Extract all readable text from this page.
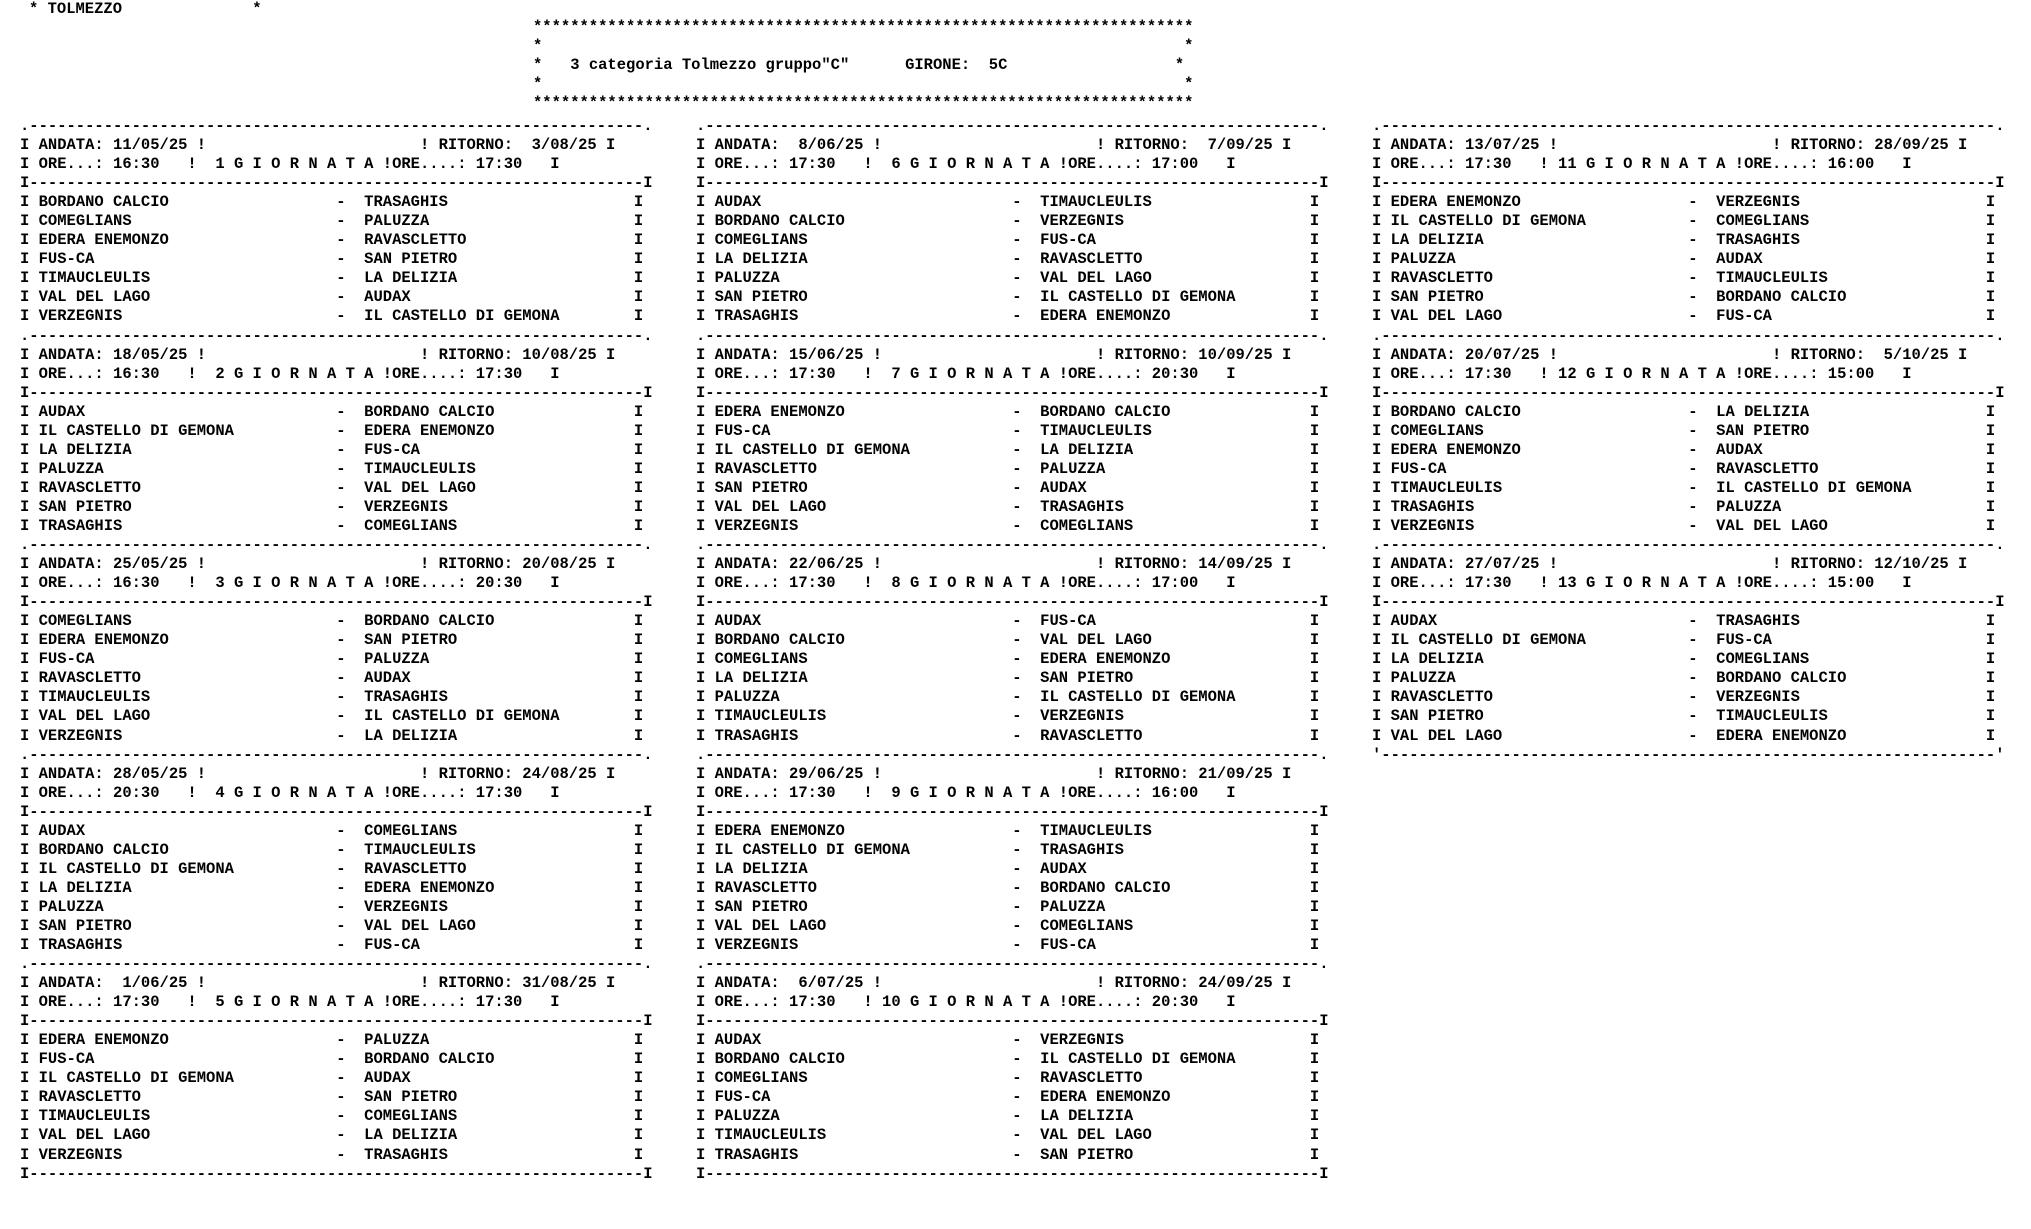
* TOLMEZZO              *
***********************************************************************
*                                                                     *
*   3 categoria Tolmezzo gruppo"C"      GIRONE:  5C                  *
*                                                                     *

***********************************************************************
.------------------------------------------------------------------.
I ANDATA: 11/05/25 !                       ! RITORNO:  3/08/25 I
I ORE...: 16:30   !  1 G I O R N A T A !ORE....: 17:30   I
I------------------------------------------------------------------I
I BORDANO CALCIO                  -  TRASAGHIS                    I
I COMEGLIANS                      -  PALUZZA                      I
I EDERA ENEMONZO                  -  RAVASCLETTO                  I
I FUS-CA                          -  SAN PIETRO                   I
I TIMAUCLEULIS                    -  LA DELIZIA                   I
I VAL DEL LAGO                    -  AUDAX                        I
I VERZEGNIS                       -  IL CASTELLO DI GEMONA        I
.------------------------------------------------------------------.
I ANDATA: 18/05/25 !                       ! RITORNO: 10/08/25 I
I ORE...: 16:30   !  2 G I O R N A T A !ORE....: 17:30   I
I------------------------------------------------------------------I
I AUDAX                           -  BORDANO CALCIO               I
I IL CASTELLO DI GEMONA           -  EDERA ENEMONZO               I
I LA DELIZIA                      -  FUS-CA                       I
I PALUZZA                         -  TIMAUCLEULIS                 I
I RAVASCLETTO                     -  VAL DEL LAGO                 I
I SAN PIETRO                      -  VERZEGNIS                    I
I TRASAGHIS                       -  COMEGLIANS                   I
.------------------------------------------------------------------.
I ANDATA: 25/05/25 !                       ! RITORNO: 20/08/25 I
I ORE...: 16:30   !  3 G I O R N A T A !ORE....: 20:30   I
I------------------------------------------------------------------I
I COMEGLIANS                      -  BORDANO CALCIO               I
I EDERA ENEMONZO                  -  SAN PIETRO                   I
I FUS-CA                          -  PALUZZA                      I
I RAVASCLETTO                     -  AUDAX                        I
I TIMAUCLEULIS                    -  TRASAGHIS                    I
I VAL DEL LAGO                    -  IL CASTELLO DI GEMONA        I
I VERZEGNIS                       -  LA DELIZIA                   I
.------------------------------------------------------------------.
I ANDATA: 28/05/25 !                       ! RITORNO: 24/08/25 I
I ORE...: 20:30   !  4 G I O R N A T A !ORE....: 17:30   I
I------------------------------------------------------------------I
I AUDAX                           -  COMEGLIANS                   I
I BORDANO CALCIO                  -  TIMAUCLEULIS                 I
I IL CASTELLO DI GEMONA           -  RAVASCLETTO                  I
I LA DELIZIA                      -  EDERA ENEMONZO               I
I PALUZZA                         -  VERZEGNIS                    I
I SAN PIETRO                      -  VAL DEL LAGO                 I
I TRASAGHIS                       -  FUS-CA                       I
.------------------------------------------------------------------.
I ANDATA:  1/06/25 !                       ! RITORNO: 31/08/25 I
I ORE...: 17:30   !  5 G I O R N A T A !ORE....: 17:30   I
I------------------------------------------------------------------I
I EDERA ENEMONZO                  -  PALUZZA                      I
I FUS-CA                          -  BORDANO CALCIO               I
I IL CASTELLO DI GEMONA           -  AUDAX                        I
I RAVASCLETTO                     -  SAN PIETRO                   I
I TIMAUCLEULIS                    -  COMEGLIANS                   I
I VAL DEL LAGO                    -  LA DELIZIA                   I
I VERZEGNIS                       -  TRASAGHIS                    I
I------------------------------------------------------------------I
.------------------------------------------------------------------.
I ANDATA:  8/06/25 !                       ! RITORNO:  7/09/25 I
I ORE...: 17:30   !  6 G I O R N A T A !ORE....: 17:00   I
I------------------------------------------------------------------I
I AUDAX                           -  TIMAUCLEULIS                 I
I BORDANO CALCIO                  -  VERZEGNIS                    I
I COMEGLIANS                      -  FUS-CA                       I
I LA DELIZIA                      -  RAVASCLETTO                  I
I PALUZZA                         -  VAL DEL LAGO                 I
I SAN PIETRO                      -  IL CASTELLO DI GEMONA        I
I TRASAGHIS                       -  EDERA ENEMONZO               I
.------------------------------------------------------------------.
I ANDATA: 15/06/25 !                       ! RITORNO: 10/09/25 I
I ORE...: 17:30   !  7 G I O R N A T A !ORE....: 20:30   I
I------------------------------------------------------------------I
I EDERA ENEMONZO                  -  BORDANO CALCIO               I
I FUS-CA                          -  TIMAUCLEULIS                 I
I IL CASTELLO DI GEMONA           -  LA DELIZIA                   I
I RAVASCLETTO                     -  PALUZZA                      I
I SAN PIETRO                      -  AUDAX                        I
I VAL DEL LAGO                    -  TRASAGHIS                    I
I VERZEGNIS                       -  COMEGLIANS                   I
.------------------------------------------------------------------.
I ANDATA: 22/06/25 !                       ! RITORNO: 14/09/25 I
I ORE...: 17:30   !  8 G I O R N A T A !ORE....: 17:00   I
I------------------------------------------------------------------I
I AUDAX                           -  FUS-CA                       I
I BORDANO CALCIO                  -  VAL DEL LAGO                 I
I COMEGLIANS                      -  EDERA ENEMONZO               I
I LA DELIZIA                      -  SAN PIETRO                   I
I PALUZZA                         -  IL CASTELLO DI GEMONA        I
I TIMAUCLEULIS                    -  VERZEGNIS                    I
I TRASAGHIS                       -  RAVASCLETTO                  I
.------------------------------------------------------------------.
I ANDATA: 29/06/25 !                       ! RITORNO: 21/09/25 I
I ORE...: 17:30   !  9 G I O R N A T A !ORE....: 16:00   I
I------------------------------------------------------------------I
I EDERA ENEMONZO                  -  TIMAUCLEULIS                 I
I IL CASTELLO DI GEMONA           -  TRASAGHIS                    I
I LA DELIZIA                      -  AUDAX                        I
I RAVASCLETTO                     -  BORDANO CALCIO               I
I SAN PIETRO                      -  PALUZZA                      I
I VAL DEL LAGO                    -  COMEGLIANS                   I
I VERZEGNIS                       -  FUS-CA                       I
.------------------------------------------------------------------.
I ANDATA:  6/07/25 !                       ! RITORNO: 24/09/25 I
I ORE...: 17:30   ! 10 G I O R N A T A !ORE....: 20:30   I
I------------------------------------------------------------------I
I AUDAX                           -  VERZEGNIS                    I
I BORDANO CALCIO                  -  IL CASTELLO DI GEMONA        I
I COMEGLIANS                      -  RAVASCLETTO                  I
I FUS-CA                          -  EDERA ENEMONZO               I
I PALUZZA                         -  LA DELIZIA                   I
I TIMAUCLEULIS                    -  VAL DEL LAGO                 I
I TRASAGHIS                       -  SAN PIETRO                   I
I------------------------------------------------------------------I
.------------------------------------------------------------------.
I ANDATA: 13/07/25 !                       ! RITORNO: 28/09/25 I
I ORE...: 17:30   ! 11 G I O R N A T A !ORE....: 16:00   I
I------------------------------------------------------------------I
I EDERA ENEMONZO                  -  VERZEGNIS                    I
I IL CASTELLO DI GEMONA           -  COMEGLIANS                   I
I LA DELIZIA                      -  TRASAGHIS                    I
I PALUZZA                         -  AUDAX                        I
I RAVASCLETTO                     -  TIMAUCLEULIS                 I
I SAN PIETRO                      -  BORDANO CALCIO               I
I VAL DEL LAGO                    -  FUS-CA                       I
.------------------------------------------------------------------.
I ANDATA: 20/07/25 !                       ! RITORNO:  5/10/25 I
I ORE...: 17:30   ! 12 G I O R N A T A !ORE....: 15:00   I
I------------------------------------------------------------------I
I BORDANO CALCIO                  -  LA DELIZIA                   I
I COMEGLIANS                      -  SAN PIETRO                   I
I EDERA ENEMONZO                  -  AUDAX                        I
I FUS-CA                          -  RAVASCLETTO                  I
I TIMAUCLEULIS                    -  IL CASTELLO DI GEMONA        I
I TRASAGHIS                       -  PALUZZA                      I
I VERZEGNIS                       -  VAL DEL LAGO                 I
.------------------------------------------------------------------.
I ANDATA: 27/07/25 !                       ! RITORNO: 12/10/25 I
I ORE...: 17:30   ! 13 G I O R N A T A !ORE....: 15:00   I
I------------------------------------------------------------------I
I AUDAX                           -  TRASAGHIS                    I
I IL CASTELLO DI GEMONA           -  FUS-CA                       I
I LA DELIZIA                      -  COMEGLIANS                   I
I PALUZZA                         -  BORDANO CALCIO               I
I RAVASCLETTO                     -  VERZEGNIS                    I
I SAN PIETRO                      -  TIMAUCLEULIS                 I
I VAL DEL LAGO                    -  EDERA ENEMONZO               I
'------------------------------------------------------------------'
